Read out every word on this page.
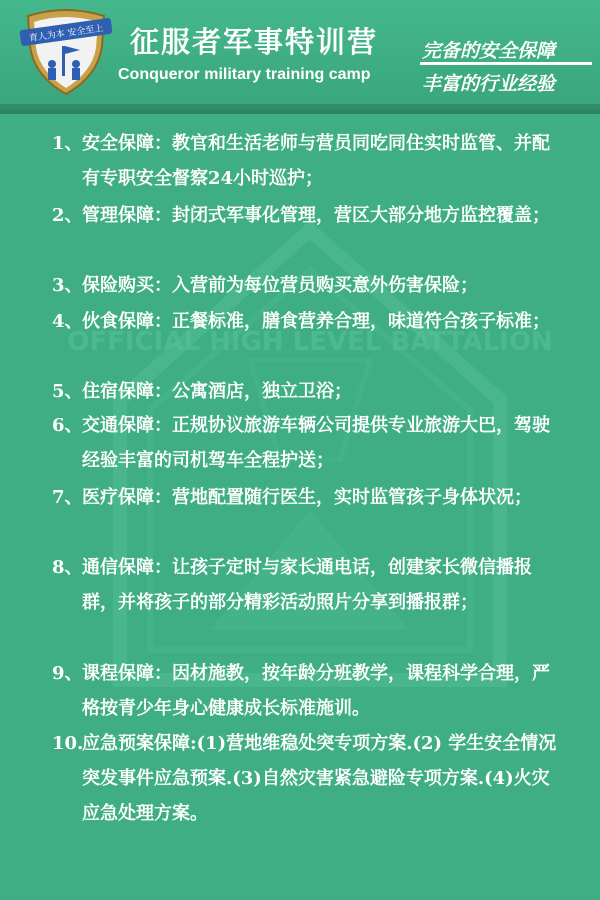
育人为本 安全至上 征服者军事特训营
Conqueror military training camp
完备的安全保障
丰富的行业经验
OFFICIAL HIGH LEVEL BATTALION
1、 安全保障：教官和生活老师与营员同吃同住实时监管、并配有专职安全督察24小时巡护；
2、 管理保障：封闭式军事化管理，营区大部分地方监控覆盖；
3、 保险购买：入营前为每位营员购买意外伤害保险；
4、 伙食保障：正餐标准，膳食营养合理，味道符合孩子标准；
5、 住宿保障：公寓酒店，独立卫浴；
6、 交通保障：正规协议旅游车辆公司提供专业旅游大巴，驾驶经验丰富的司机驾车全程护送；
7、 医疗保障：营地配置随行医生，实时监管孩子身体状况；
8、 通信保障：让孩子定时与家长通电话，创建家长微信播报群，并将孩子的部分精彩活动照片分享到播报群；
9、 课程保障：因材施教，按年龄分班教学，课程科学合理，严格按青少年身心健康成长标准施训。
10.
应急预案保障:(1)营地维稳处突专项方案.(2) 学生安全情况突发事件应急预案.(3)自然灾害紧急避险专项方案.(4)火灾应急处理方案。
